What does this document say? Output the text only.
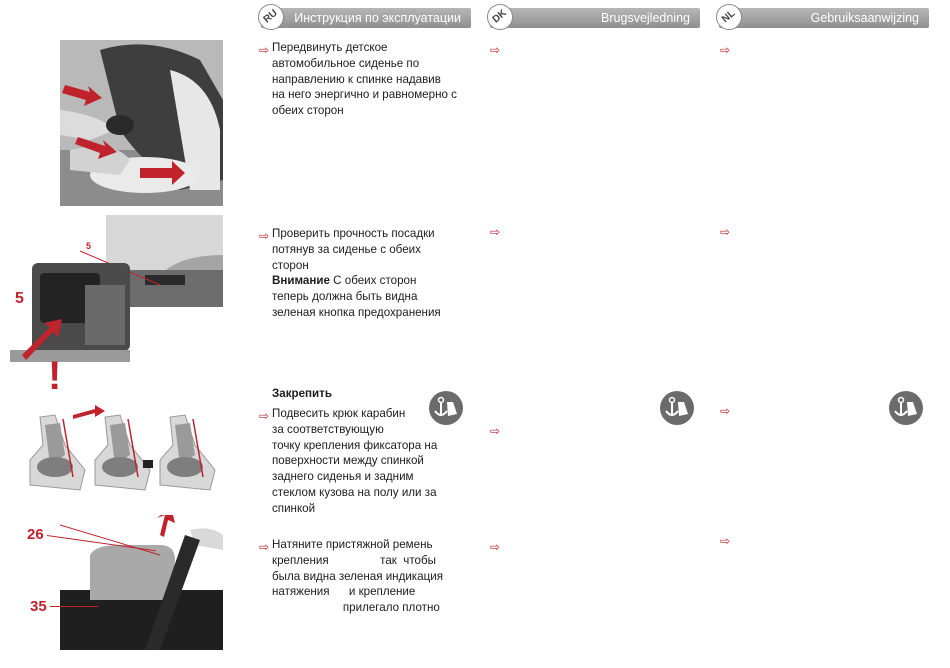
Инструкция по эксплуатации
RU	Brugsvejledning
DK	Gebruiksaanwijzing
NL
5
5
!
26
35
⇨ Передвинуть детское
автомобильное сиденье по
направлению к спинке надавив
на него энергично и равномерно с
обеих сторон
⇨ Проверить прочность посадки
потянув за сиденье с обеих
сторон
Внимание С обеих сторон
теперь должна быть видна
зеленая кнопка предохранения
Закрепить
⇨ Подвесить крюк карабин
за соответствующую
точку крепления фиксатора на
поверхности между спинкой
заднего сиденья и задним
стеклом кузова на полу или за
спинкой
⇨ Натяните пристяжной ремень
крепления                так  чтобы
была видна зеленая индикация
натяжения      и крепление
прилегало плотно
⇨
⇨
⇨
⇨
⇨
⇨
⇨
⇨
